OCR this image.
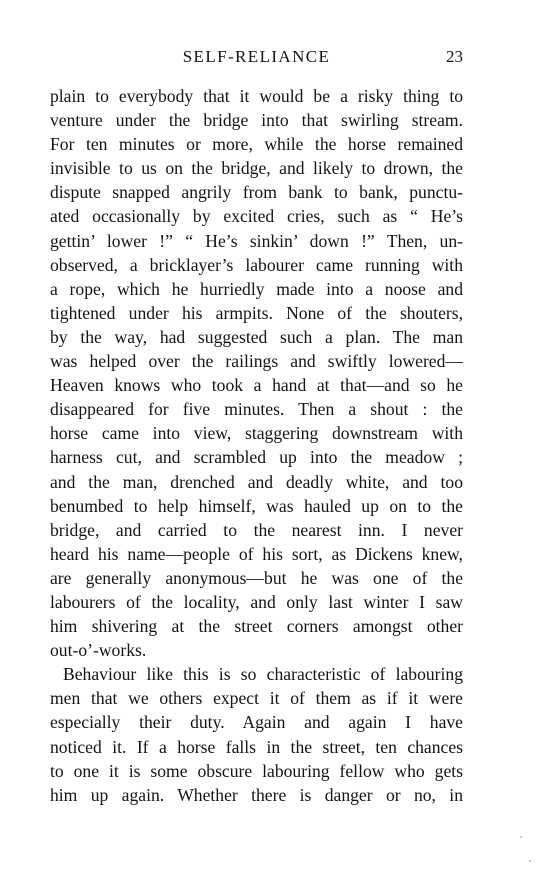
SELF-RELIANCE	23
plain to everybody that it would be a risky thing to
venture under the bridge into that swirling stream.
For ten minutes or more, while the horse remained
invisible to us on the bridge, and likely to drown, the
dispute snapped angrily from bank to bank, punctu-
ated occasionally by excited cries, such as “ He’s
gettin’ lower !” “ He’s sinkin’ down !” Then, un-
observed, a bricklayer’s labourer came running with
a rope, which he hurriedly made into a noose and
tightened under his armpits. None of the shouters,
by the way, had suggested such a plan. The man
was helped over the railings and swiftly lowered—
Heaven knows who took a hand at that—and so he
disappeared for five minutes. Then a shout : the
horse came into view, staggering downstream with
harness cut, and scrambled up into the meadow ;
and the man, drenched and deadly white, and too
benumbed to help himself, was hauled up on to the
bridge, and carried to the nearest inn. I never
heard his name—people of his sort, as Dickens knew,
are generally anonymous—but he was one of the
labourers of the locality, and only last winter I saw
him shivering at the street corners amongst other
out-o’-works.
Behaviour like this is so characteristic of labouring
men that we others expect it of them as if it were
especially their duty. Again and again I have
noticed it. If a horse falls in the street, ten chances
to one it is some obscure labouring fellow who gets
him up again. Whether there is danger or no, in
